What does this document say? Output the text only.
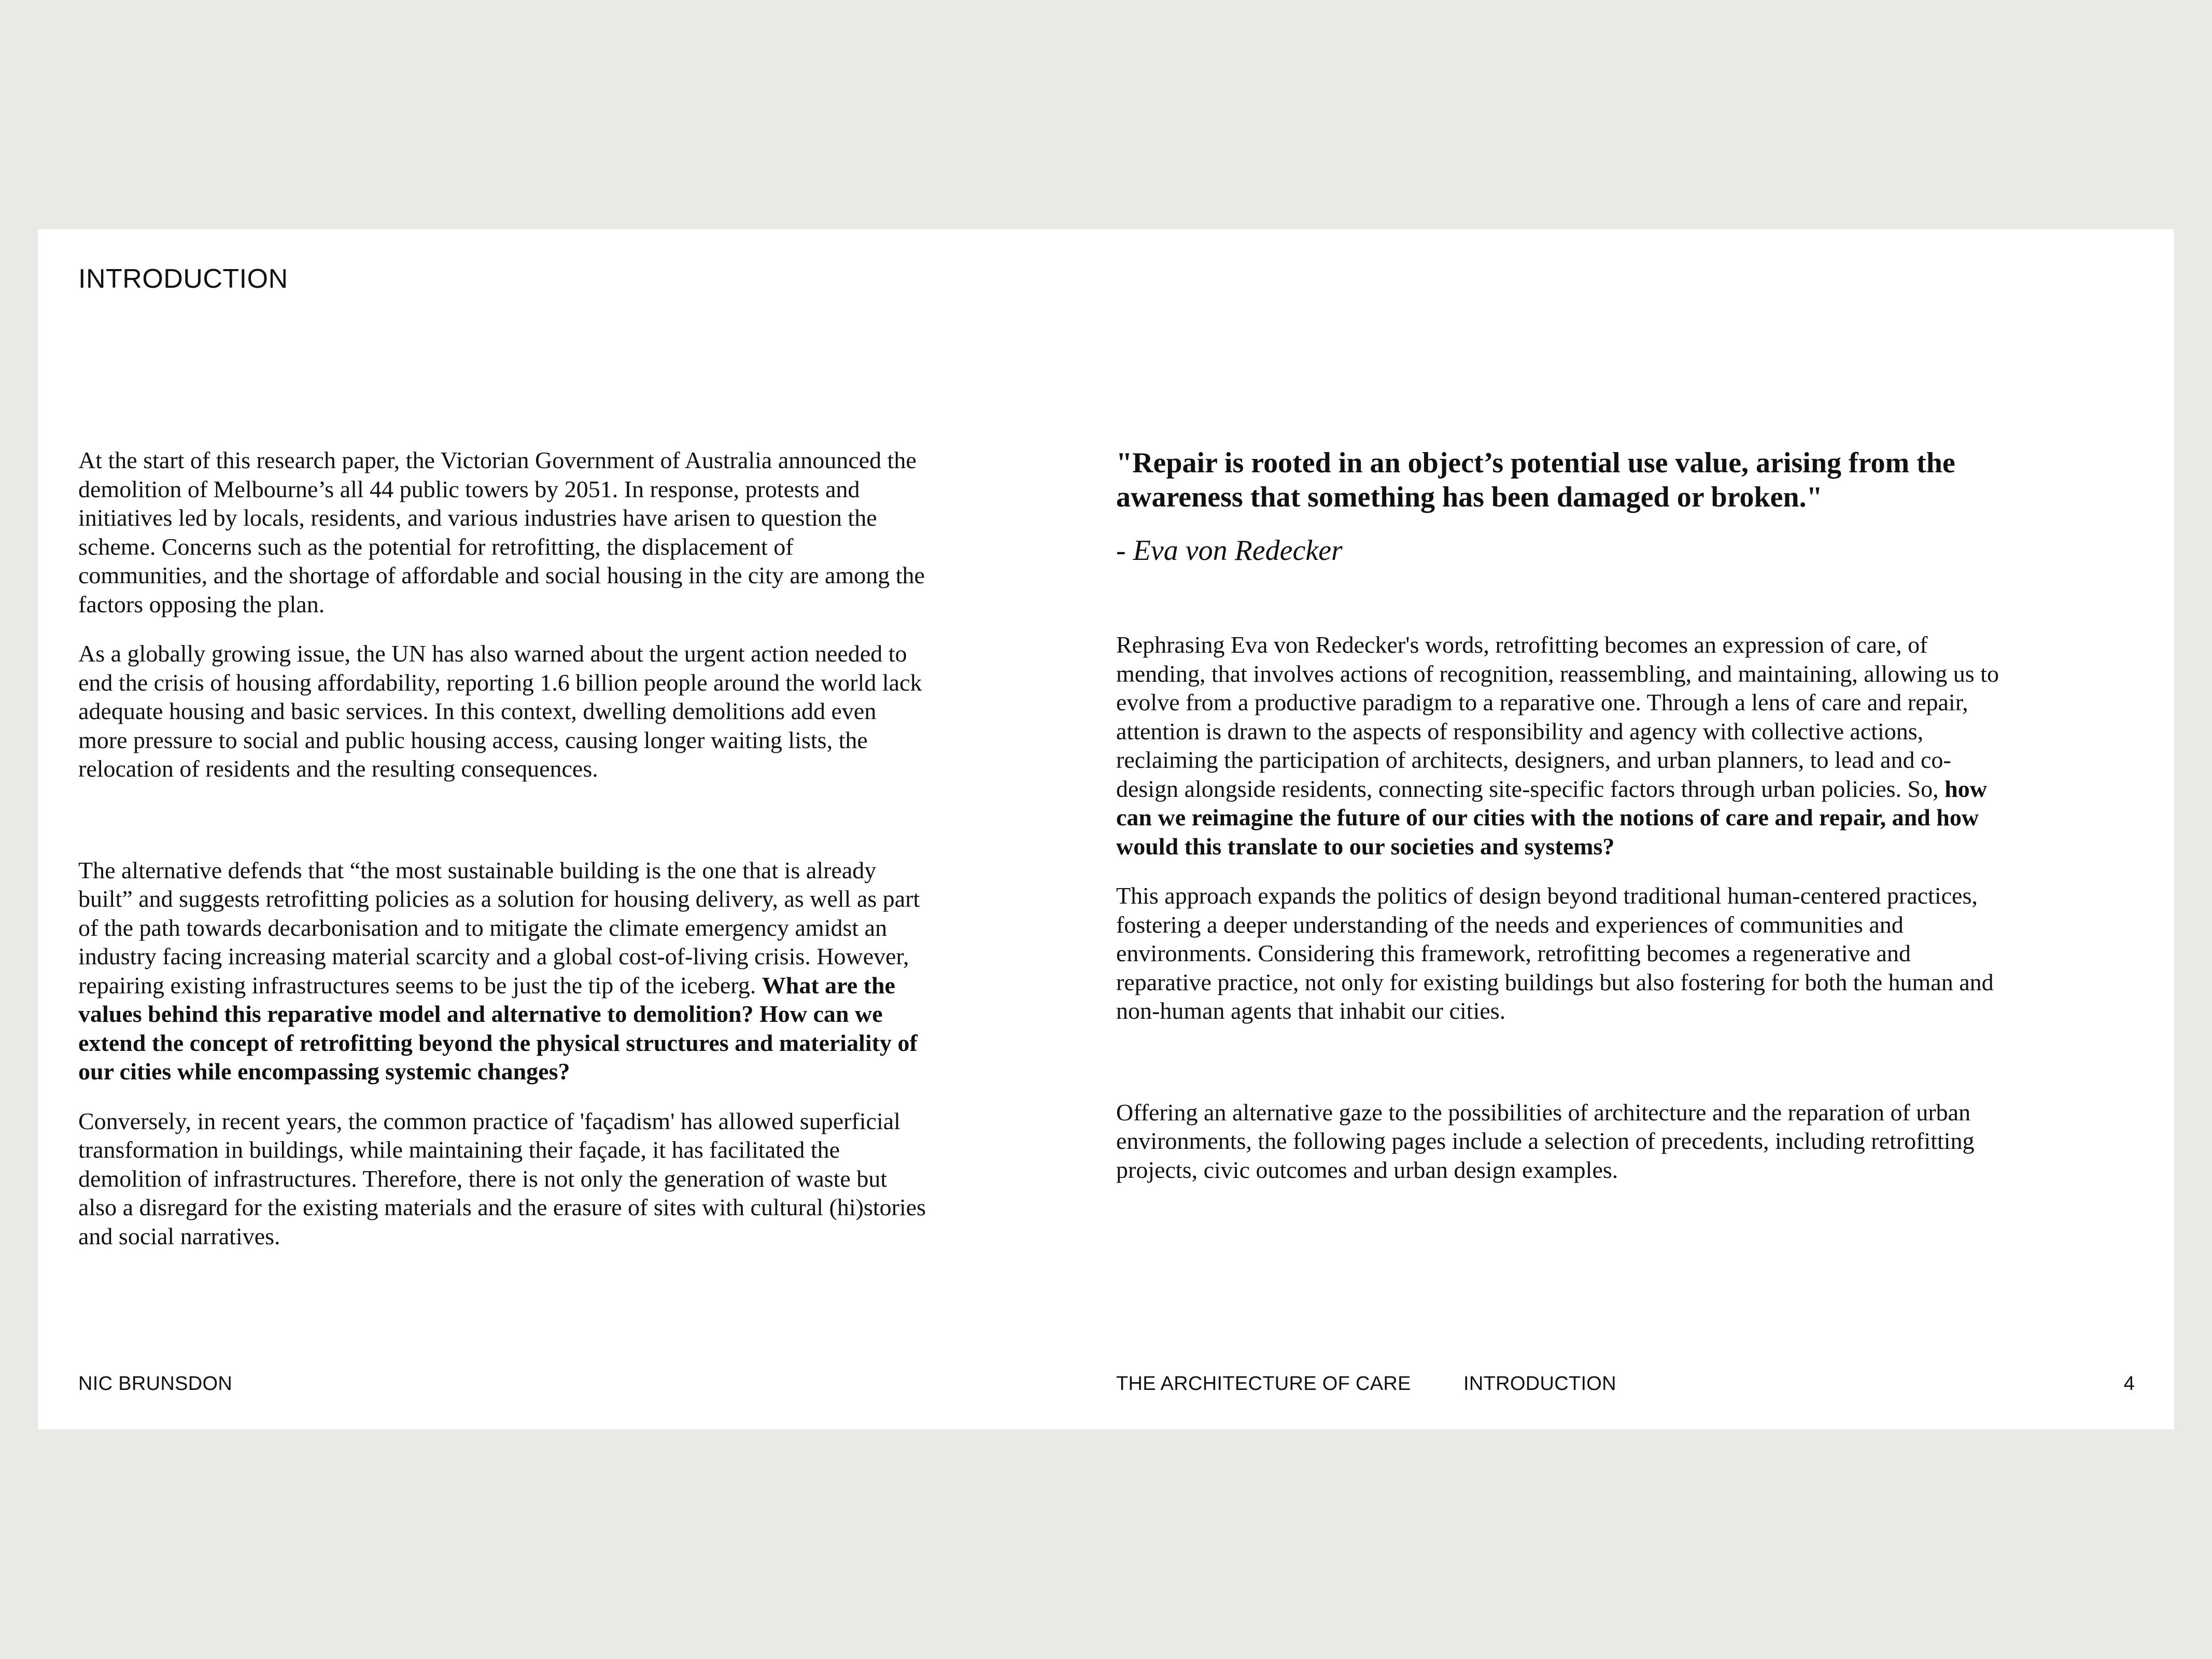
INTRODUCTION

At the start of this research paper, the Victorian Government of Australia announced the demolition of Melbourne’s all 44 public towers by 2051. In response, protests and initiatives led by locals, residents, and various industries have arisen to question the scheme. Concerns such as the potential for retrofitting, the displacement of communities, and the shortage of affordable and social housing in the city are among the factors opposing the plan.

As a globally growing issue, the UN has also warned about the urgent action needed to end the crisis of housing affordability, reporting 1.6 billion people around the world lack adequate housing and basic services. In this context, dwelling demolitions add even more pressure to social and public housing access, causing longer waiting lists, the relocation of residents and the resulting consequences.

The alternative defends that “the most sustainable building is the one that is already built” and suggests retrofitting policies as a solution for housing delivery, as well as part of the path towards decarbonisation and to mitigate the climate emergency amidst an industry facing increasing material scarcity and a global cost-of-living crisis. However, repairing existing infrastructures seems to be just the tip of the iceberg. What are the values behind this reparative model and alternative to demolition? How can we extend the concept of retrofitting beyond the physical structures and materiality of our cities while encompassing systemic changes?

Conversely, in recent years, the common practice of 'façadism' has allowed superficial transformation in buildings, while maintaining their façade, it has facilitated the demolition of infrastructures. Therefore, there is not only the generation of waste but also a disregard for the existing materials and the erasure of sites with cultural (hi)stories and social narratives.

"Repair is rooted in an object’s potential use value, arising from the awareness that something has been damaged or broken."

- Eva von Redecker

Rephrasing Eva von Redecker's words, retrofitting becomes an expression of care, of mending, that involves actions of recognition, reassembling, and maintaining, allowing us to evolve from a productive paradigm to a reparative one. Through a lens of care and repair, attention is drawn to the aspects of responsibility and agency with collective actions, reclaiming the participation of architects, designers, and urban planners, to lead and co-design alongside residents, connecting site-specific factors through urban policies. So, how can we reimagine the future of our cities with the notions of care and repair, and how would this translate to our societies and systems?

This approach expands the politics of design beyond traditional human-centered practices, fostering a deeper understanding of the needs and experiences of communities and environments. Considering this framework, retrofitting becomes a regenerative and reparative practice, not only for existing buildings but also fostering for both the human and non-human agents that inhabit our cities.

Offering an alternative gaze to the possibilities of architecture and the reparation of urban environments, the following pages include a selection of precedents, including retrofitting projects, civic outcomes and urban design examples.

NIC BRUNSDON	THE ARCHITECTURE OF CARE	INTRODUCTION	4
